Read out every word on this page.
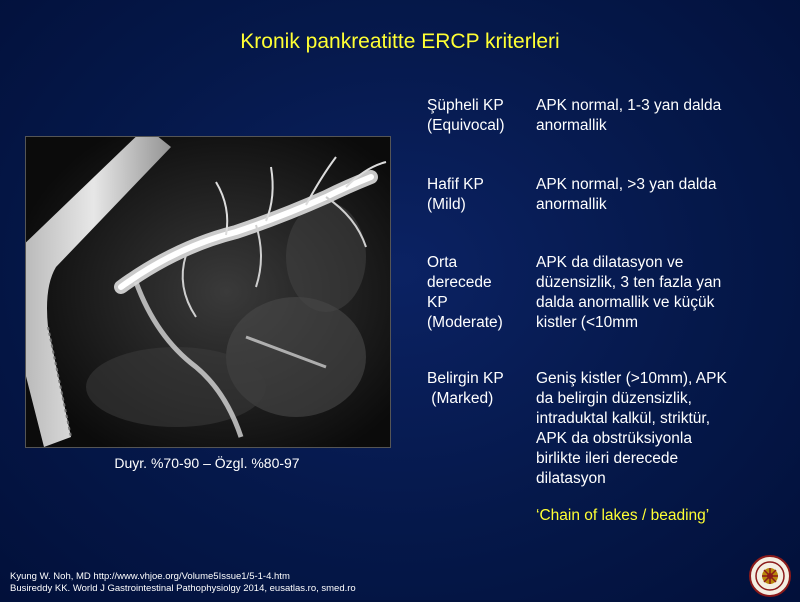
Kronik pankreatitte ERCP kriterleri
Duyr. %70-90 – Özgl. %80-97
Şüpheli KP
(Equivocal)
APK normal, 1-3 yan dalda
anormallik
Hafif KP
(Mild)
APK normal, >3 yan dalda
anormallik
Orta
derecede
KP
(Moderate)
APK da dilatasyon ve
düzensizlik, 3 ten fazla yan
dalda anormallik ve küçük
kistler (<10mm
Belirgin KP
(Marked)
Geniş kistler (>10mm), APK
da belirgin düzensizlik,
intraduktal kalkül, striktür,
APK da obstrüksiyonla
birlikte ileri derecede
dilatasyon
‘Chain of lakes / beading’
Kyung W. Noh, MD http://www.vhjoe.org/Volume5Issue1/5-1-4.htm
Busireddy KK. World J Gastrointestinal Pathophysiolgy 2014, eusatlas.ro, smed.ro
